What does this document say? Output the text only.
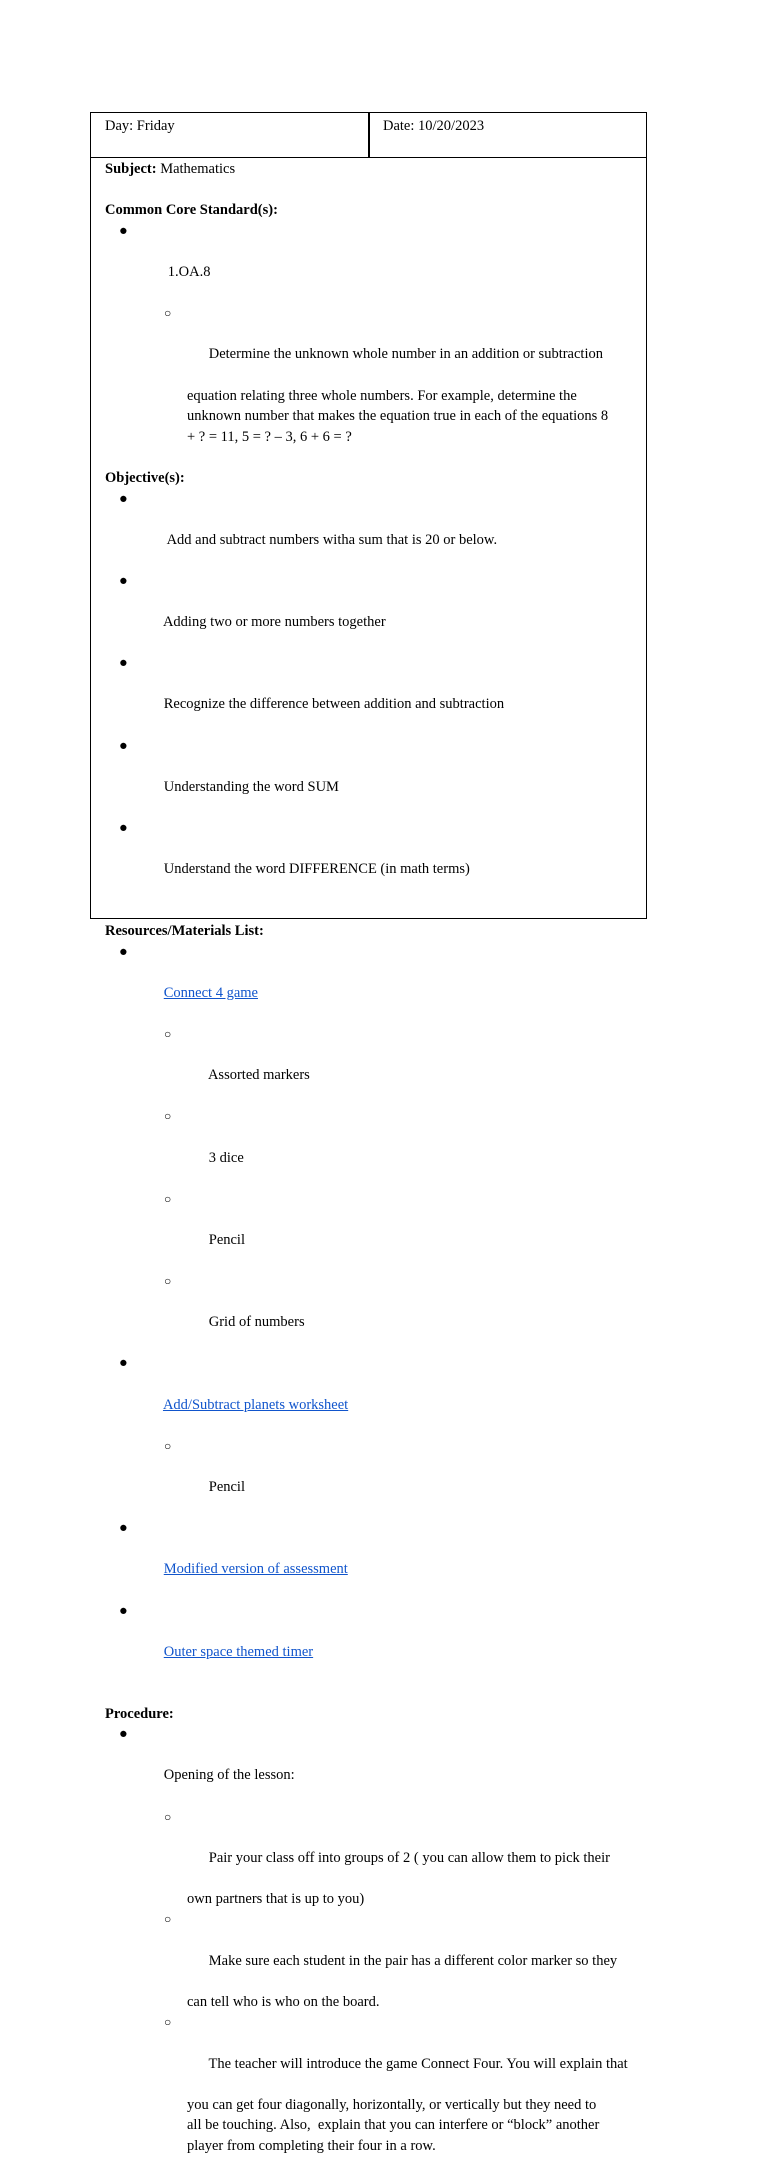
Day: Friday	Date: 10/20/2023
Subject: Mathematics
Common Core Standard(s):

●

1.OA.8

○

Determine the unknown whole number in an addition or subtraction

equation relating three whole numbers. For example, determine the
unknown number that makes the equation true in each of the equations 8
+ ? = 11, 5 = ? – 3, 6 + 6 = ?
Objective(s):

●

Add and subtract numbers witha sum that is 20 or below.

●

Adding two or more numbers together

●

Recognize the difference between addition and subtraction

●

Understanding the word SUM

●

Understand the word DIFFERENCE (in math terms)

Resources/Materials List:

●

Connect 4 game

○

Assorted markers

○

3 dice

○

Pencil

○

Grid of numbers

●

Add/Subtract planets worksheet

○

Pencil

●

Modified version of assessment

●

Outer space themed timer

Procedure:

●

Opening of the lesson:

○

Pair your class off into groups of 2 ( you can allow them to pick their

own partners that is up to you)

○

Make sure each student in the pair has a different color marker so they

can tell who is who on the board.

○

The teacher will introduce the game Connect Four. You will explain that

you can get four diagonally, horizontally, or vertically but they need to
all be touching. Also,  explain that you can interfere or “block” another
player from completing their four in a row.
